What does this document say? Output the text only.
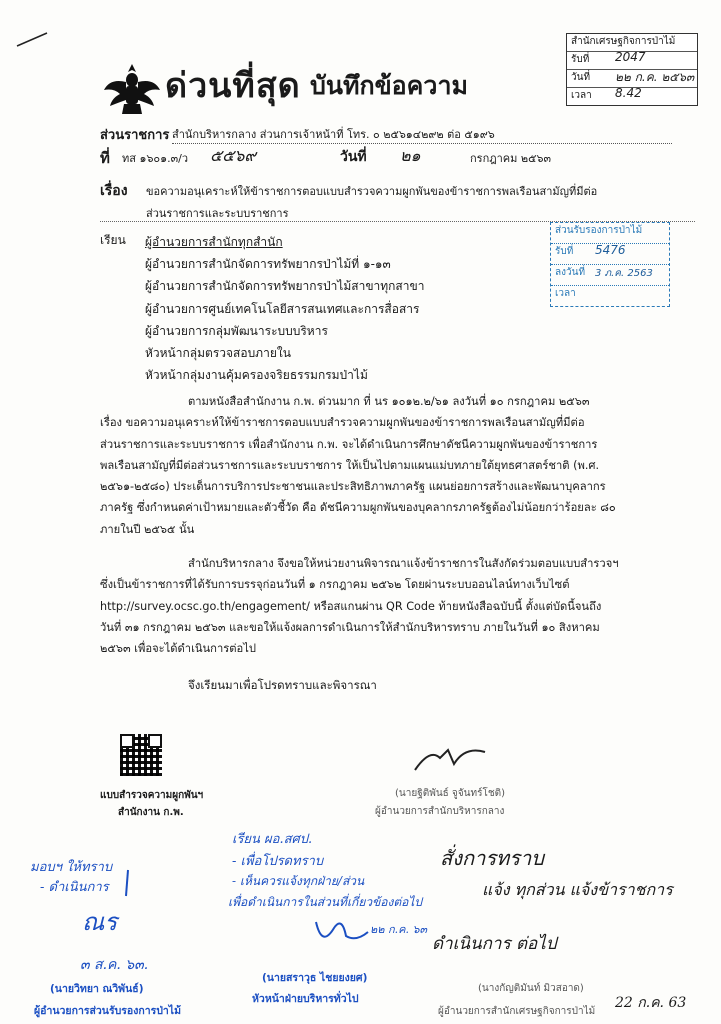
ด่วนที่สุด บันทึกข้อความ
สำนักเศรษฐกิจการป่าไม้
รับที่ 2047
วันที่ ๒๒ ก.ค. ๒๕๖๓
เวลา 8.42
ส่วนราชการ สำนักบริหารกลาง ส่วนการเจ้าหน้าที่ โทร. ๐ ๒๕๖๑๔๒๙๒ ต่อ ๕๑๙๖
ที่ ทส ๑๖๐๑.๓/ว ๕๕๖๙	วันที่ ๒๑	กรกฎาคม ๒๕๖๓
เรื่อง ขอความอนุเคราะห์ให้ข้าราชการตอบแบบสำรวจความผูกพันของข้าราชการพลเรือนสามัญที่มีต่อ
ส่วนราชการและระบบราชการ
เรียน ผู้อำนวยการสำนักทุกสำนัก
ผู้อำนวยการสำนักจัดการทรัพยากรป่าไม้ที่ ๑-๑๓
ผู้อำนวยการสำนักจัดการทรัพยากรป่าไม้สาขาทุกสาขา
ผู้อำนวยการศูนย์เทคโนโลยีสารสนเทศและการสื่อสาร
ผู้อำนวยการกลุ่มพัฒนาระบบบริหาร
หัวหน้ากลุ่มตรวจสอบภายใน
หัวหน้ากลุ่มงานคุ้มครองจริยธรรมกรมป่าไม้
ส่วนรับรองการป่าไม้
รับที่ 5476
ลงวันที่ 3 ภ.ค. 2563
เวลา
ตามหนังสือสำนักงาน ก.พ. ด่วนมาก ที่ นร ๑๐๑๒.๒/๖๑ ลงวันที่ ๑๐ กรกฎาคม ๒๕๖๓
เรื่อง ขอความอนุเคราะห์ให้ข้าราชการตอบแบบสำรวจความผูกพันของข้าราชการพลเรือนสามัญที่มีต่อ
ส่วนราชการและระบบราชการ เพื่อสำนักงาน ก.พ. จะได้ดำเนินการศึกษาดัชนีความผูกพันของข้าราชการ
พลเรือนสามัญที่มีต่อส่วนราชการและระบบราชการ ให้เป็นไปตามแผนแม่บทภายใต้ยุทธศาสตร์ชาติ (พ.ศ.
๒๕๖๑-๒๕๘๐) ประเด็นการบริการประชาชนและประสิทธิภาพภาครัฐ แผนย่อยการสร้างและพัฒนาบุคลากร
ภาครัฐ ซึ่งกำหนดค่าเป้าหมายและตัวชี้วัด คือ ดัชนีความผูกพันของบุคลากรภาครัฐต้องไม่น้อยกว่าร้อยละ ๘๐
ภายในปี ๒๕๖๕ นั้น
สำนักบริหารกลาง จึงขอให้หน่วยงานพิจารณาแจ้งข้าราชการในสังกัดร่วมตอบแบบสำรวจฯ
ซึ่งเป็นข้าราชการที่ได้รับการบรรจุก่อนวันที่ ๑ กรกฎาคม ๒๕๖๒ โดยผ่านระบบออนไลน์ทางเว็บไซต์
http://survey.ocsc.go.th/engagement/ หรือสแกนผ่าน QR Code ท้ายหนังสือฉบับนี้ ตั้งแต่บัดนี้จนถึง
วันที่ ๓๑ กรกฎาคม ๒๕๖๓ และขอให้แจ้งผลการดำเนินการให้สำนักบริหารทราบ ภายในวันที่ ๑๐ สิงหาคม
๒๕๖๓ เพื่อจะได้ดำเนินการต่อไป
จึงเรียนมาเพื่อโปรดทราบและพิจารณา
แบบสำรวจความผูกพันฯ
สำนักงาน ก.พ.
(นายฐิติพันธ์ จูจันทร์โชติ)
ผู้อำนวยการสำนักบริหารกลาง
มอบฯ ให้ทราบ
- ดำเนินการ
ณร
๓ ส.ค. ๖๓.
(นายวิทยา ณวิพันธ์)
ผู้อำนวยการส่วนรับรองการป่าไม้
เรียน ผอ.สศป.
- เพื่อโปรดทราบ
- เห็นควรแจ้งทุกฝ่าย/ส่วน
เพื่อดำเนินการในส่วนที่เกี่ยวข้องต่อไป
๒๒ ก.ค. ๖๓
(นายสราวุธ ไชยยงยศ)
หัวหน้าฝ่ายบริหารทั่วไป
สั่งการทราบ
แจ้ง ทุกส่วน แจ้งข้าราชการ
ดำเนินการ ต่อไป
(นางกัญติมันท์ มิวสอาด)
ผู้อำนวยการสำนักเศรษฐกิจการป่าไม้
22 ก.ค. 63
